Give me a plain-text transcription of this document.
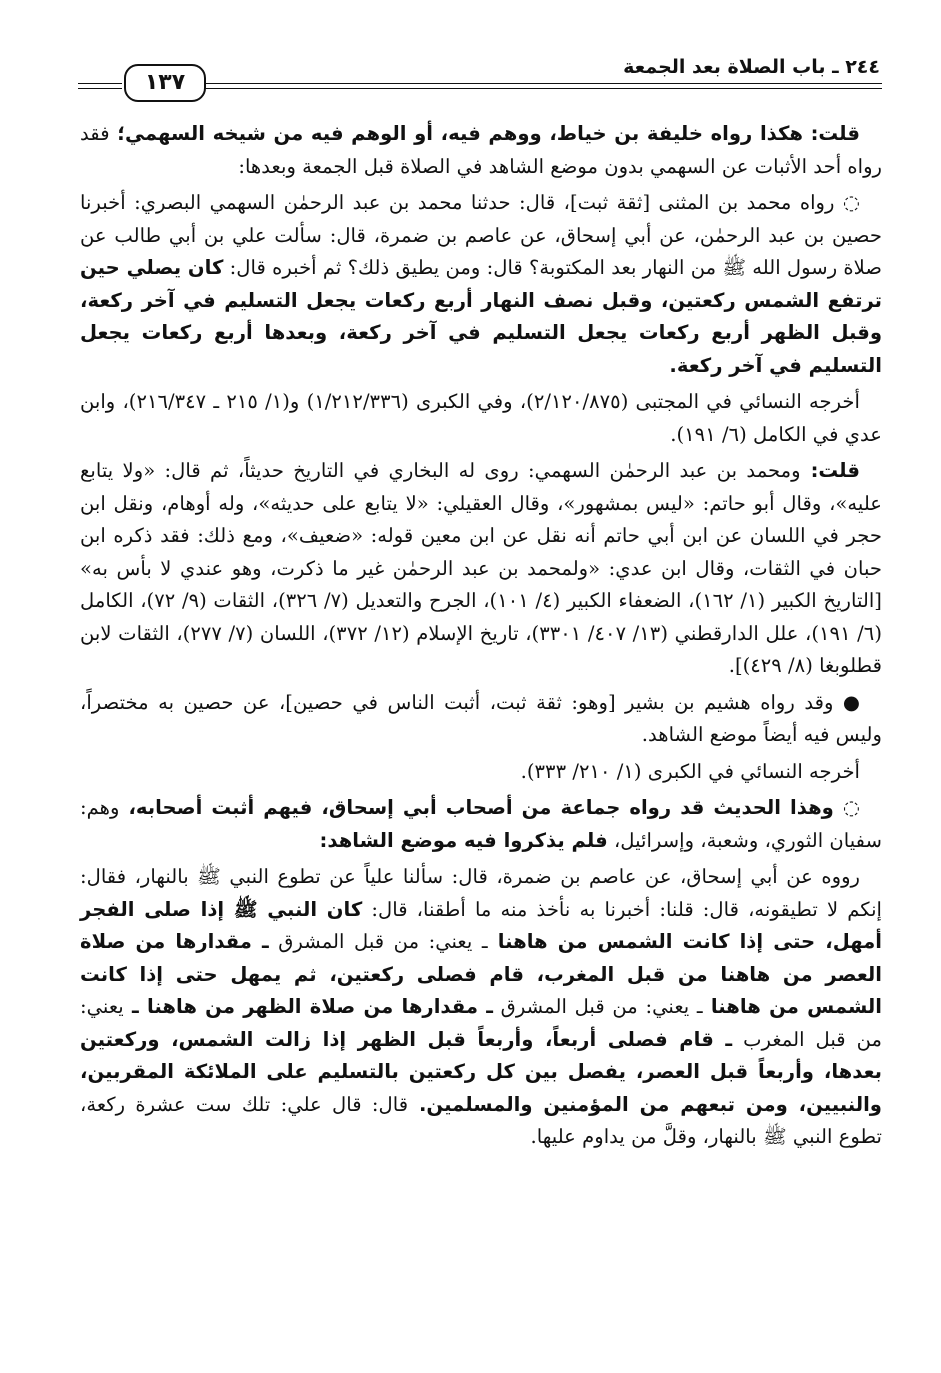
١٣٧
٢٤٤ ـ باب الصلاة بعد الجمعة

قلت: هكذا رواه خليفة بن خياط، ووهم فيه، أو الوهم فيه من شيخه السهمي؛ فقد رواه أحد الأثبات عن السهمي بدون موضع الشاهد في الصلاة قبل الجمعة وبعدها:

◌ رواه محمد بن المثنى [ثقة ثبت]، قال: حدثنا محمد بن عبد الرحمٰن السهمي البصري: أخبرنا حصين بن عبد الرحمٰن، عن أبي إسحاق، عن عاصم بن ضمرة، قال: سألت علي بن أبي طالب عن صلاة رسول الله ﷺ من النهار بعد المكتوبة؟ قال: ومن يطيق ذلك؟ ثم أخبره قال: كان يصلي حين ترتفع الشمس ركعتين، وقبل نصف النهار أربع ركعات يجعل التسليم في آخر ركعة، وقبل الظهر أربع ركعات يجعل التسليم في آخر ركعة، وبعدها أربع ركعات يجعل التسليم في آخر ركعة.

أخرجه النسائي في المجتبى (٢/١٢٠/٨٧٥)، وفي الكبرى (١/٢١٢/٣٣٦) و(١/ ٢١٥ ـ ٢١٦/٣٤٧)، وابن عدي في الكامل (٦/ ١٩١).

قلت: ومحمد بن عبد الرحمٰن السهمي: روى له البخاري في التاريخ حديثاً، ثم قال: «ولا يتابع عليه»، وقال أبو حاتم: «ليس بمشهور»، وقال العقيلي: «لا يتابع على حديثه»، وله أوهام، ونقل ابن حجر في اللسان عن ابن أبي حاتم أنه نقل عن ابن معين قوله: «ضعيف»، ومع ذلك: فقد ذكره ابن حبان في الثقات، وقال ابن عدي: «ولمحمد بن عبد الرحمٰن غير ما ذكرت، وهو عندي لا بأس به» [التاريخ الكبير (١/ ١٦٢)، الضعفاء الكبير (٤/ ١٠١)، الجرح والتعديل (٧/ ٣٢٦)، الثقات (٩/ ٧٢)، الكامل (٦/ ١٩١)، علل الدارقطني (١٣/ ٤٠٧/ ٣٣٠١)، تاريخ الإسلام (١٢/ ٣٧٢)، اللسان (٧/ ٢٧٧)، الثقات لابن قطلوبغا (٨/ ٤٢٩)].

● وقد رواه هشيم بن بشير [وهو: ثقة ثبت، أثبت الناس في حصين]، عن حصين به مختصراً، وليس فيه أيضاً موضع الشاهد.

أخرجه النسائي في الكبرى (١/ ٢١٠/ ٣٣٣).

◌ وهذا الحديث قد رواه جماعة من أصحاب أبي إسحاق، فيهم أثبت أصحابه، وهم: سفيان الثوري، وشعبة، وإسرائيل، فلم يذكروا فيه موضع الشاهد:

رووه عن أبي إسحاق، عن عاصم بن ضمرة، قال: سألنا علياً عن تطوع النبي ﷺ بالنهار، فقال: إنكم لا تطيقونه، قال: قلنا: أخبرنا به نأخذ منه ما أطقنا، قال: كان النبي ﷺ إذا صلى الفجر أمهل، حتى إذا كانت الشمس من هاهنا ـ يعني: من قبل المشرق ـ مقدارها من صلاة العصر من هاهنا من قبل المغرب، قام فصلى ركعتين، ثم يمهل حتى إذا كانت الشمس من هاهنا ـ يعني: من قبل المشرق ـ مقدارها من صلاة الظهر من هاهنا ـ يعني: من قبل المغرب ـ قام فصلى أربعاً، وأربعاً قبل الظهر إذا زالت الشمس، وركعتين بعدها، وأربعاً قبل العصر، يفصل بين كل ركعتين بالتسليم على الملائكة المقربين، والنبيين، ومن تبعهم من المؤمنين والمسلمين. قال: قال علي: تلك ست عشرة ركعة، تطوع النبي ﷺ بالنهار، وقلَّ من يداوم عليها.
